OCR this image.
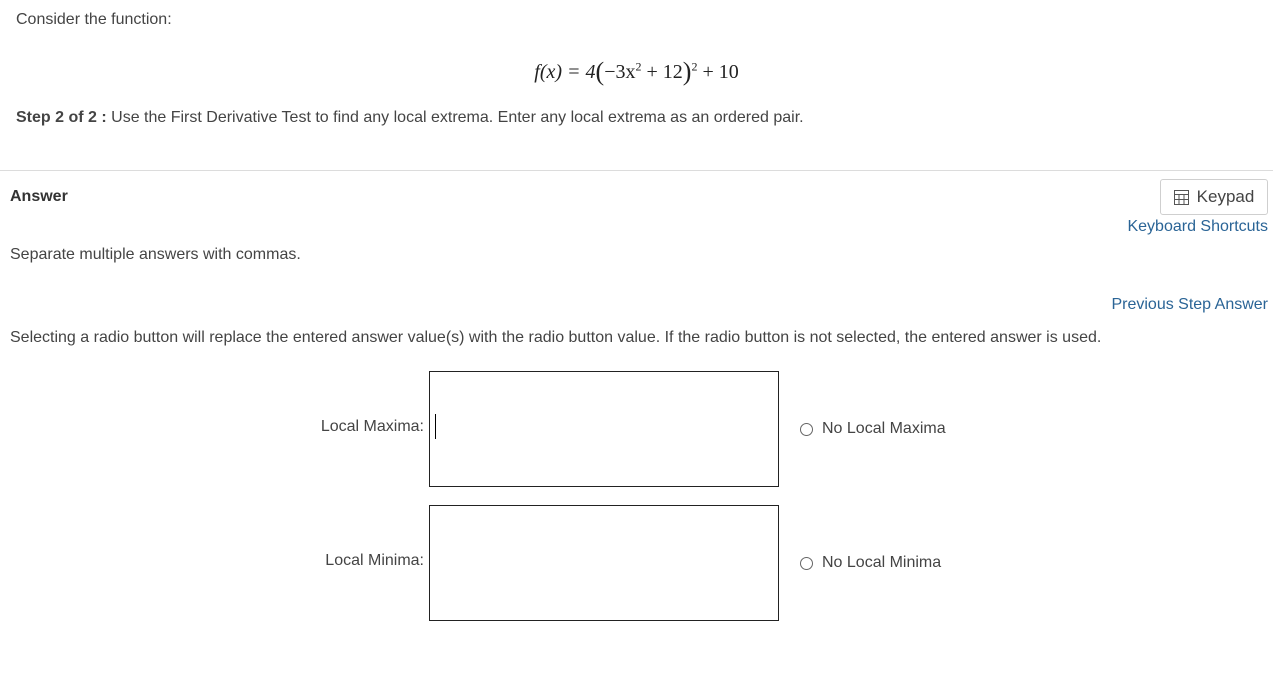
Consider the function:
$f(x) = 4(-3x^2 + 12)^2 + 10$
Step 2 of 2 : Use the First Derivative Test to find any local extrema. Enter any local extrema as an ordered pair.
Answer	Keypad
Keyboard Shortcuts
Separate multiple answers with commas.
Previous Step Answer
Selecting a radio button will replace the entered answer value(s) with the radio button value. If the radio button is not selected, the entered answer is used.
Local Maxima:	No Local Maxima
Local Minima:	No Local Minima
